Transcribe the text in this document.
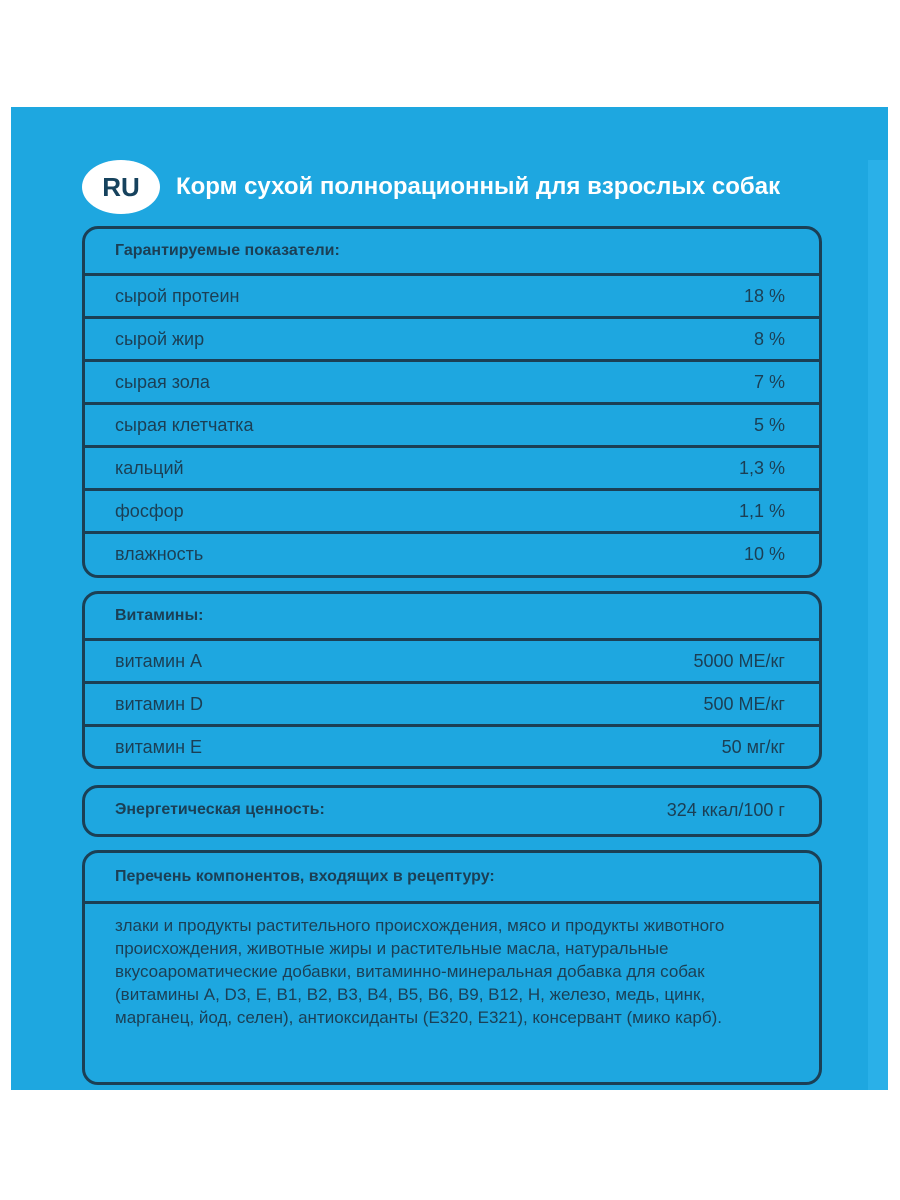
RU	Корм сухой полнорационный для взрослых собак
Гарантируемые показатели:
сырой протеин	18 %
сырой жир	8 %
сырая зола	7 %
сырая клетчатка	5 %
кальций	1,3 %
фосфор	1,1 %
влажность	10 %
Витамины:
витамин А	5000 МЕ/кг
витамин D	500 МЕ/кг
витамин Е	50 мг/кг
Энергетическая ценность:	324 ккал/100 г
Перечень компонентов, входящих в рецептуру:
злаки и продукты растительного происхождения, мясо и продукты животного происхождения, животные жиры и растительные масла, натуральные вкусоароматические добавки, витаминно-минеральная добавка для собак (витамины А, D3, Е, В1, В2, В3, В4, В5, В6, В9, В12, Н, железо, медь, цинк, марганец, йод, селен), антиоксиданты (Е320, Е321), консервант (мико карб).
